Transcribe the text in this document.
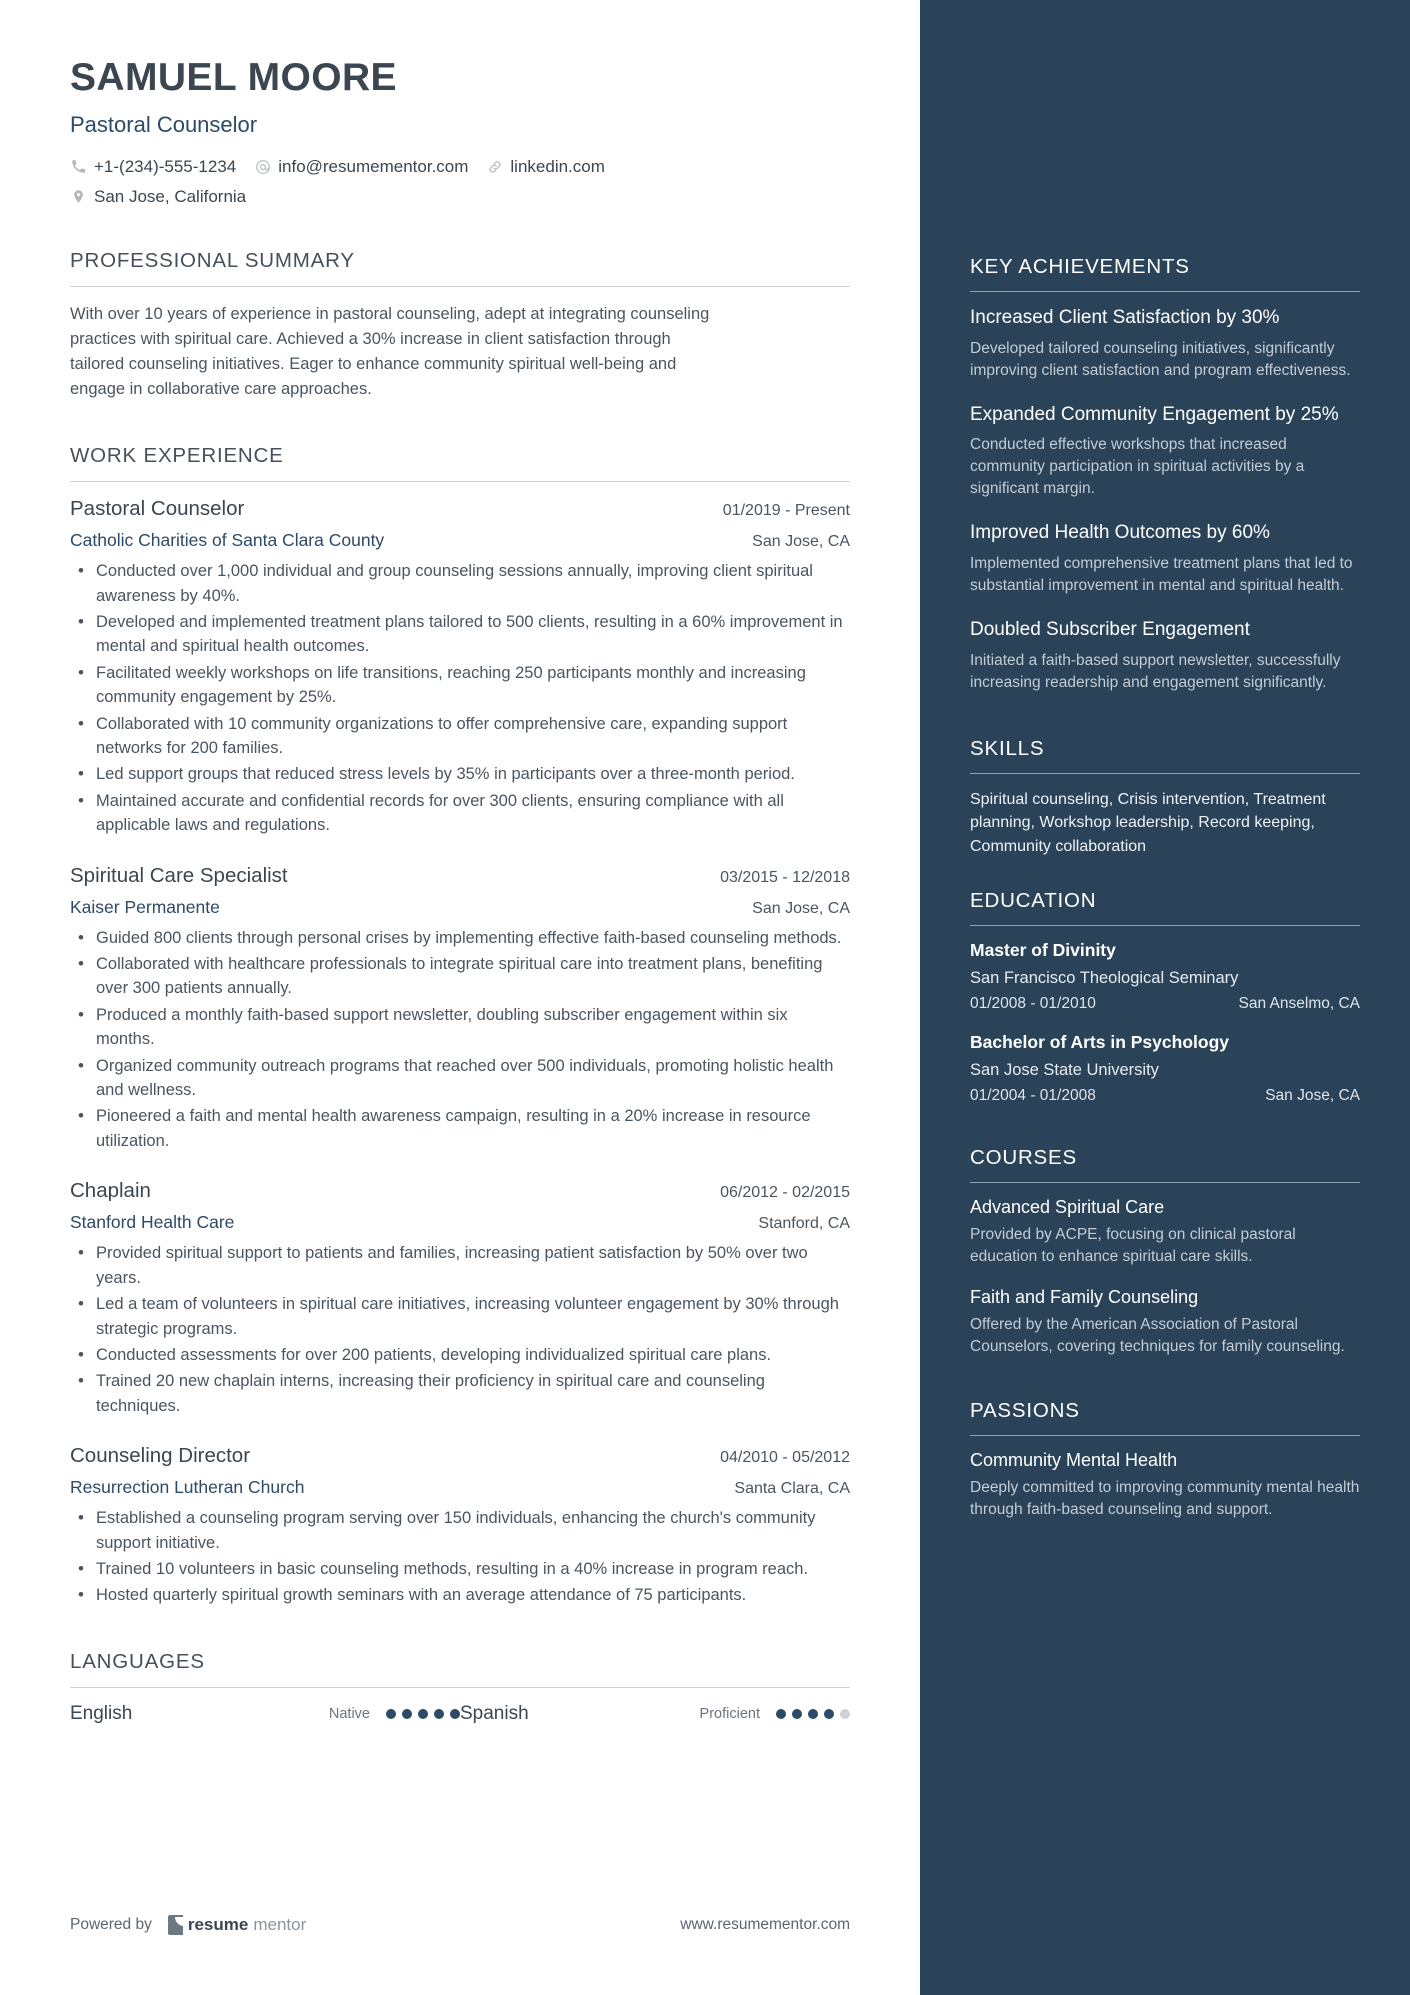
SAMUEL MOORE
Pastoral Counselor
+1-(234)-555-1234 info@resumementor.com linkedin.com
San Jose, California
PROFESSIONAL SUMMARY
With over 10 years of experience in pastoral counseling, adept at integrating counseling practices with spiritual care. Achieved a 30% increase in client satisfaction through tailored counseling initiatives. Eager to enhance community spiritual well-being and engage in collaborative care approaches.
WORK EXPERIENCE
Pastoral Counselor	01/2019 - Present
Catholic Charities of Santa Clara County	San Jose, CA
• Conducted over 1,000 individual and group counseling sessions annually, improving client spiritual awareness by 40%.
• Developed and implemented treatment plans tailored to 500 clients, resulting in a 60% improvement in mental and spiritual health outcomes.
• Facilitated weekly workshops on life transitions, reaching 250 participants monthly and increasing community engagement by 25%.
• Collaborated with 10 community organizations to offer comprehensive care, expanding support networks for 200 families.
• Led support groups that reduced stress levels by 35% in participants over a three-month period.
• Maintained accurate and confidential records for over 300 clients, ensuring compliance with all applicable laws and regulations.
Spiritual Care Specialist	03/2015 - 12/2018
Kaiser Permanente	San Jose, CA
• Guided 800 clients through personal crises by implementing effective faith-based counseling methods.
• Collaborated with healthcare professionals to integrate spiritual care into treatment plans, benefiting over 300 patients annually.
• Produced a monthly faith-based support newsletter, doubling subscriber engagement within six months.
• Organized community outreach programs that reached over 500 individuals, promoting holistic health and wellness.
• Pioneered a faith and mental health awareness campaign, resulting in a 20% increase in resource utilization.
Chaplain	06/2012 - 02/2015
Stanford Health Care	Stanford, CA
• Provided spiritual support to patients and families, increasing patient satisfaction by 50% over two years.
• Led a team of volunteers in spiritual care initiatives, increasing volunteer engagement by 30% through strategic programs.
• Conducted assessments for over 200 patients, developing individualized spiritual care plans.
• Trained 20 new chaplain interns, increasing their proficiency in spiritual care and counseling techniques.
Counseling Director	04/2010 - 05/2012
Resurrection Lutheran Church	Santa Clara, CA
• Established a counseling program serving over 150 individuals, enhancing the church's community support initiative.
• Trained 10 volunteers in basic counseling methods, resulting in a 40% increase in program reach.
• Hosted quarterly spiritual growth seminars with an average attendance of 75 participants.
LANGUAGES
English	Native	Spanish	Proficient
Powered by resume mentor	www.resumementor.com
KEY ACHIEVEMENTS
Increased Client Satisfaction by 30%
Developed tailored counseling initiatives, significantly improving client satisfaction and program effectiveness.
Expanded Community Engagement by 25%
Conducted effective workshops that increased community participation in spiritual activities by a significant margin.
Improved Health Outcomes by 60%
Implemented comprehensive treatment plans that led to substantial improvement in mental and spiritual health.
Doubled Subscriber Engagement
Initiated a faith-based support newsletter, successfully increasing readership and engagement significantly.
SKILLS
Spiritual counseling, Crisis intervention, Treatment planning, Workshop leadership, Record keeping, Community collaboration
EDUCATION
Master of Divinity
San Francisco Theological Seminary
01/2008 - 01/2010	San Anselmo, CA
Bachelor of Arts in Psychology
San Jose State University
01/2004 - 01/2008	San Jose, CA
COURSES
Advanced Spiritual Care
Provided by ACPE, focusing on clinical pastoral education to enhance spiritual care skills.
Faith and Family Counseling
Offered by the American Association of Pastoral Counselors, covering techniques for family counseling.
PASSIONS
Community Mental Health
Deeply committed to improving community mental health through faith-based counseling and support.
